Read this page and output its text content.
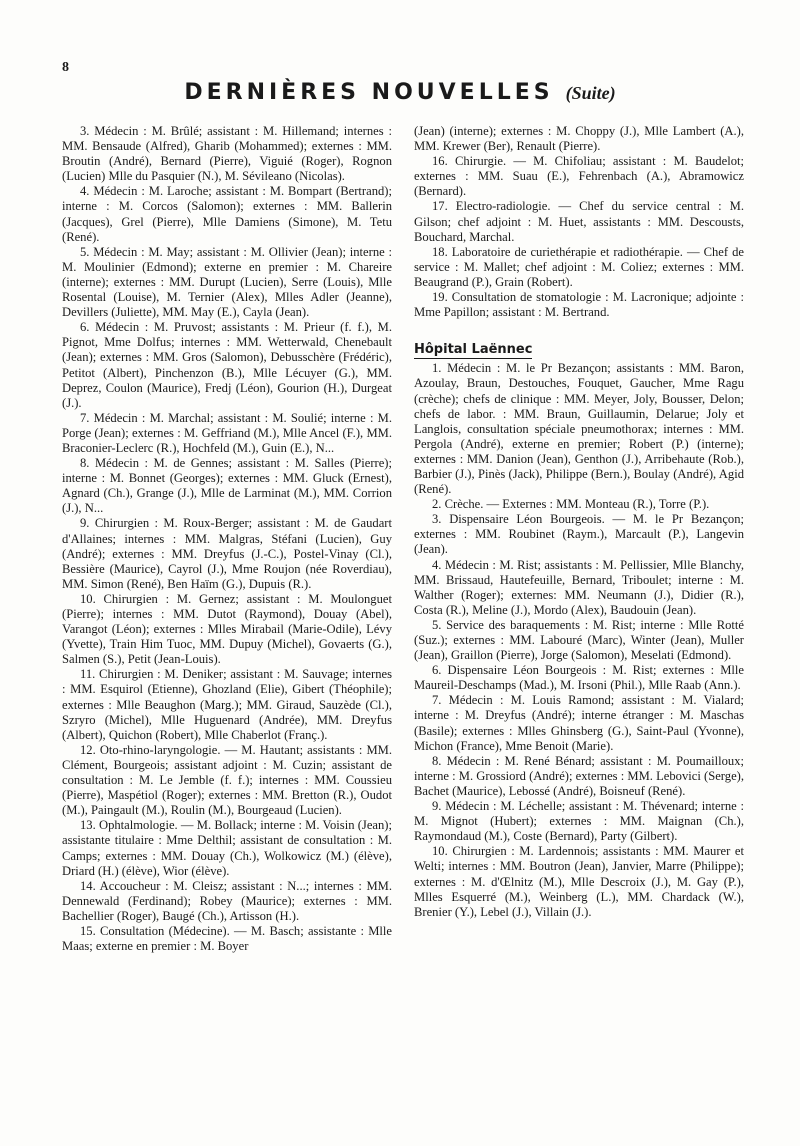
8
DERNIÈRES NOUVELLES (Suite)

3. Médecin : M. Brûlé; assistant : M. Hillemand; internes : MM. Bensaude (Alfred), Gharib (Mohammed); externes : MM. Broutin (André), Bernard (Pierre), Viguié (Roger), Rognon (Lucien) Mlle du Pasquier (N.), M. Sévileano (Nicolas).

4. Médecin : M. Laroche; assistant : M. Bompart (Bertrand); interne : M. Corcos (Salomon); externes : MM. Ballerin (Jacques), Grel (Pierre), Mlle Damiens (Simone), M. Tetu (René).

5. Médecin : M. May; assistant : M. Ollivier (Jean); interne : M. Moulinier (Edmond); externe en premier : M. Chareire (interne); externes : MM. Durupt (Lucien), Serre (Louis), Mlle Rosental (Louise), M. Ternier (Alex), Mlles Adler (Jeanne), Devillers (Juliette), MM. May (E.), Cayla (Jean).

6. Médecin : M. Pruvost; assistants : M. Prieur (f. f.), M. Pignot, Mme Dolfus; internes : MM. Wetterwald, Chenebault (Jean); externes : MM. Gros (Salomon), Debusschère (Frédéric), Petitot (Albert), Pinchenzon (B.), Mlle Lécuyer (G.), MM. Deprez, Coulon (Maurice), Fredj (Léon), Gourion (H.), Durgeat (J.).

7. Médecin : M. Marchal; assistant : M. Soulié; interne : M. Porge (Jean); externes : M. Geffriand (M.), Mlle Ancel (F.), MM. Braconier-Leclerc (R.), Hochfeld (M.), Guin (E.), N...

8. Médecin : M. de Gennes; assistant : M. Salles (Pierre); interne : M. Bonnet (Georges); externes : MM. Gluck (Ernest), Agnard (Ch.), Grange (J.), Mlle de Larminat (M.), MM. Corrion (J.), N...

9. Chirurgien : M. Roux-Berger; assistant : M. de Gaudart d'Allaines; internes : MM. Malgras, Stéfani (Lucien), Guy (André); externes : MM. Dreyfus (J.-C.), Postel-Vinay (Cl.), Bessière (Maurice), Cayrol (J.), Mme Roujon (née Roverdiau), MM. Simon (René), Ben Haïm (G.), Dupuis (R.).

10. Chirurgien : M. Gernez; assistant : M. Moulonguet (Pierre); internes : MM. Dutot (Raymond), Douay (Abel), Varangot (Léon); externes : Mlles Mirabail (Marie-Odile), Lévy (Yvette), Train Him Tuoc, MM. Dupuy (Michel), Govaerts (G.), Salmen (S.), Petit (Jean-Louis).

11. Chirurgien : M. Deniker; assistant : M. Sauvage; internes : MM. Esquirol (Etienne), Ghozland (Elie), Gibert (Théophile); externes : Mlle Beaughon (Marg.); MM. Giraud, Sauzède (Cl.), Szryro (Michel), Mlle Huguenard (Andrée), MM. Dreyfus (Albert), Quichon (Robert), Mlle Chaberlot (Franç.).

12. Oto-rhino-laryngologie. — M. Hautant; assistants : MM. Clément, Bourgeois; assistant adjoint : M. Cuzin; assistant de consultation : M. Le Jemble (f. f.); internes : MM. Coussieu (Pierre), Maspétiol (Roger); externes : MM. Bretton (R.), Oudot (M.), Paingault (M.), Roulin (M.), Bourgeaud (Lucien).

13. Ophtalmologie. — M. Bollack; interne : M. Voisin (Jean); assistante titulaire : Mme Delthil; assistant de consultation : M. Camps; externes : MM. Douay (Ch.), Wolkowicz (M.) (élève), Driard (H.) (élève), Wior (élève).

14. Accoucheur : M. Cleisz; assistant : N...; internes : MM. Dennewald (Ferdinand); Robey (Maurice); externes : MM. Bachellier (Roger), Baugé (Ch.), Artisson (H.).

15. Consultation (Médecine). — M. Basch; assistante : Mlle Maas; externe en premier : M. Boyer

(Jean) (interne); externes : M. Choppy (J.), Mlle Lambert (A.), MM. Krewer (Ber), Renault (Pierre).

16. Chirurgie. — M. Chifoliau; assistant : M. Baudelot; externes : MM. Suau (E.), Fehrenbach (A.), Abramowicz (Bernard).

17. Electro-radiologie. — Chef du service central : M. Gilson; chef adjoint : M. Huet, assistants : MM. Descousts, Bouchard, Marchal.

18. Laboratoire de curiethérapie et radiothérapie. — Chef de service : M. Mallet; chef adjoint : M. Coliez; externes : MM. Beaugrand (P.), Grain (Robert).

19. Consultation de stomatologie : M. Lacronique; adjointe : Mme Papillon; assistant : M. Bertrand.

Hôpital Laënnec

1. Médecin : M. le Pr Bezançon; assistants : MM. Baron, Azoulay, Braun, Destouches, Fouquet, Gaucher, Mme Ragu (crèche); chefs de clinique : MM. Meyer, Joly, Bousser, Delon; chefs de labor. : MM. Braun, Guillaumin, Delarue; Joly et Langlois, consultation spéciale pneumothorax; internes : MM. Pergola (André), externe en premier; Robert (P.) (interne); externes : MM. Danion (Jean), Genthon (J.), Arribehaute (Rob.), Barbier (J.), Pinès (Jack), Philippe (Bern.), Boulay (André), Agid (René).

2. Crèche. — Externes : MM. Monteau (R.), Torre (P.).

3. Dispensaire Léon Bourgeois. — M. le Pr Bezançon; externes : MM. Roubinet (Raym.), Marcault (P.), Langevin (Jean).

4. Médecin : M. Rist; assistants : M. Pellissier, Mlle Blanchy, MM. Brissaud, Hautefeuille, Bernard, Triboulet; interne : M. Walther (Roger); externes: MM. Neumann (J.), Didier (R.), Costa (R.), Meline (J.), Mordo (Alex), Baudouin (Jean).

5. Service des baraquements : M. Rist; interne : Mlle Rotté (Suz.); externes : MM. Labouré (Marc), Winter (Jean), Muller (Jean), Graillon (Pierre), Jorge (Salomon), Meselati (Edmond).

6. Dispensaire Léon Bourgeois : M. Rist; externes : Mlle Maureil-Deschamps (Mad.), M. Irsoni (Phil.), Mlle Raab (Ann.).

7. Médecin : M. Louis Ramond; assistant : M. Vialard; interne : M. Dreyfus (André); interne étranger : M. Maschas (Basile); externes : Mlles Ghinsberg (G.), Saint-Paul (Yvonne), Michon (France), Mme Benoit (Marie).

8. Médecin : M. René Bénard; assistant : M. Poumailloux; interne : M. Grossiord (André); externes : MM. Lebovici (Serge), Bachet (Maurice), Lebossé (André), Boisneuf (René).

9. Médecin : M. Léchelle; assistant : M. Thévenard; interne : M. Mignot (Hubert); externes : MM. Maignan (Ch.), Raymondaud (M.), Coste (Bernard), Party (Gilbert).

10. Chirurgien : M. Lardennois; assistants : MM. Maurer et Welti; internes : MM. Boutron (Jean), Janvier, Marre (Philippe); externes : M. d'Œlnitz (M.), Mlle Descroix (J.), M. Gay (P.), Mlles Esquerré (M.), Weinberg (L.), MM. Chardack (W.), Brenier (Y.), Lebel (J.), Villain (J.).
